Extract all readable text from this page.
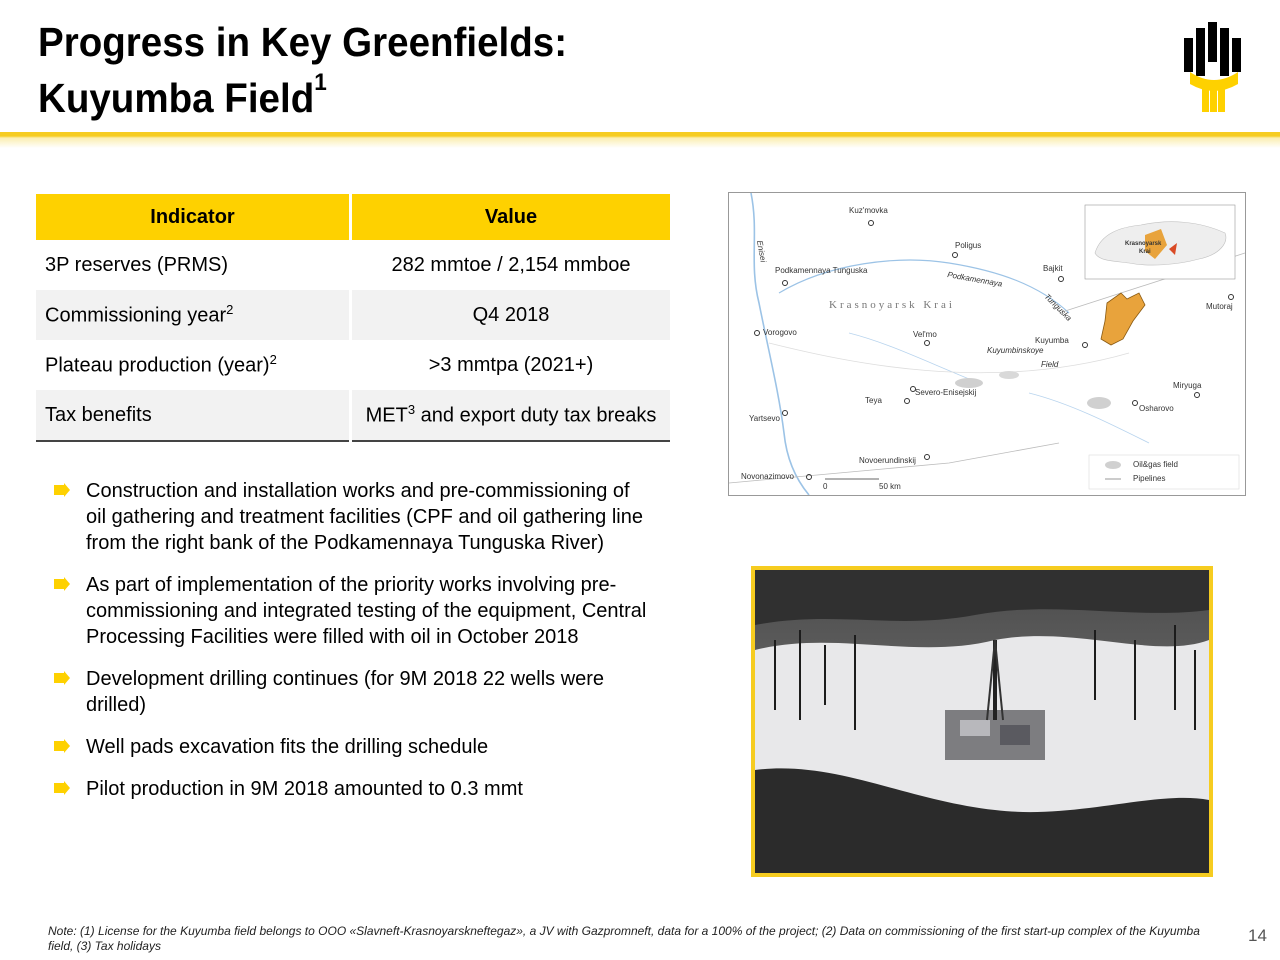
Progress in Key Greenfields:
Kuyumba Field$^1$
Indicator	Value
3P reserves (PRMS)	282 mmtoe / 2,154 mmboe
Commissioning year$^2$	Q4 2018
Plateau production (year)$^2$	>3 mmtpa (2021+)
Tax benefits	MET$^3$ and export duty tax breaks
Construction and installation works and pre-commissioning of oil gathering and treatment facilities (CPF and oil gathering line from the right bank of the Podkamennaya Tunguska River)
As part of implementation of the priority works involving pre-commissioning and integrated testing of the equipment, Central Processing Facilities were filled with oil in October 2018
Development drilling continues (for 9M 2018 22 wells were drilled)
Well pads excavation fits the drilling schedule
Pilot production in 9M 2018 amounted to 0.3 mmt
Enisei
Krasnoyarsk Krai
Podkamennaya
Tunguska
Kuyumbinskoye
Field
Kuz'movka
Poligus
Podkamennaya Tunguska	Bajkit
Mutoraj
Vorogovo	Vel'mo
Kuyumba
Miryuga
Teya
Severo-Enisejskij
Osharovo
Yartsevo
Novoerundinskij
Novonazimovo
0	50 km
Krasnoyarsk
Krai
Oil&gas field
Pipelines
Note: (1) License for the Kuyumba field belongs to OOO «Slavneft-Krasnoyarskneftegaz», a JV with Gazpromneft, data for a 100% of the project; (2) Data on commissioning of the first start-up complex of the Kuyumba field, (3) Tax holidays
14
